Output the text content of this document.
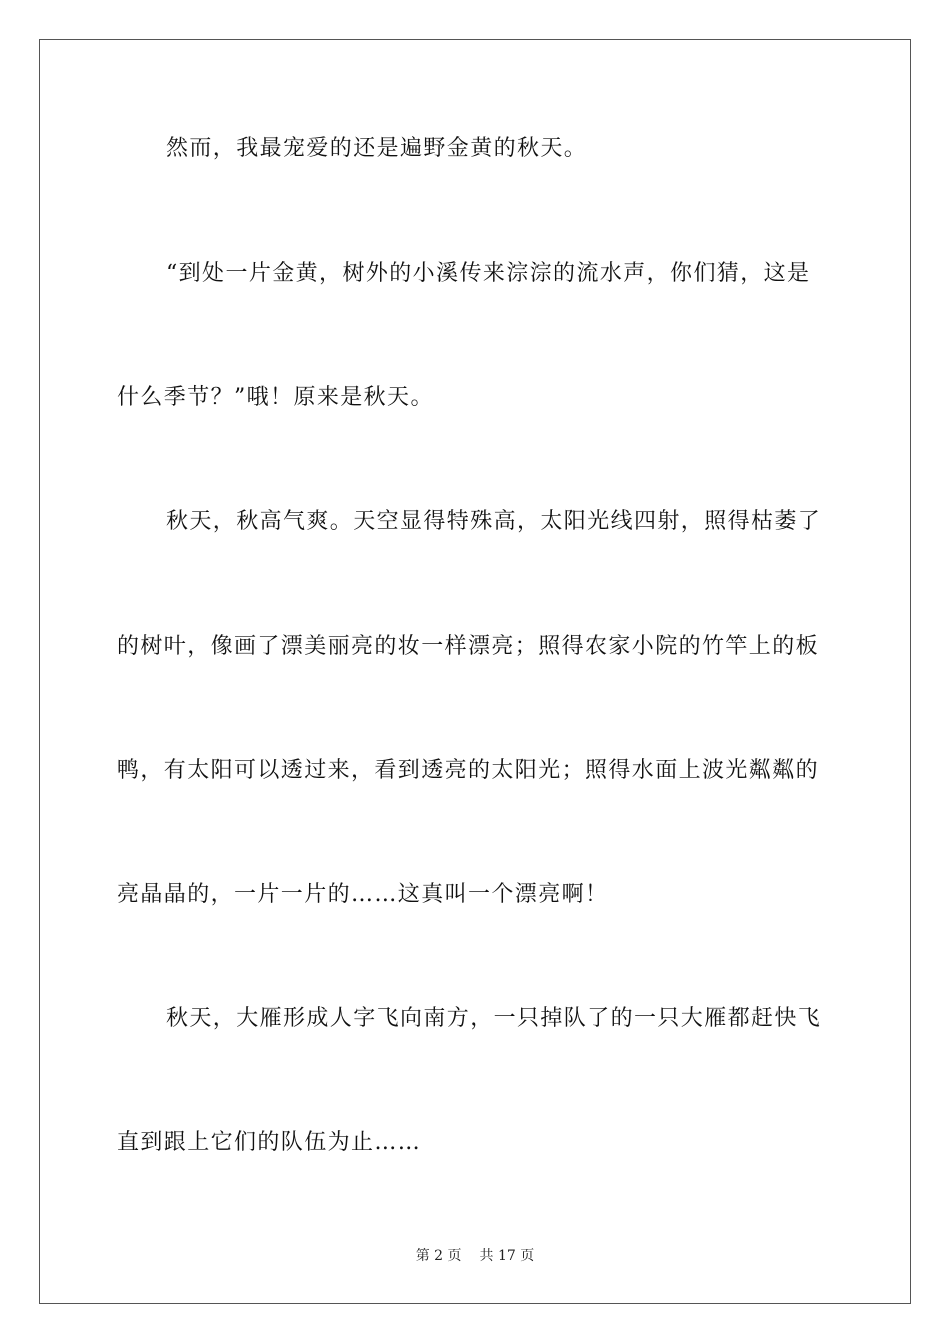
然而，我最宠爱的还是遍野金黄的秋天。
“到处一片金黄，树外的小溪传来淙淙的流水声，你们猜，这是
什么季节？”哦！原来是秋天。
秋天，秋高气爽。天空显得特殊高，太阳光线四射，照得枯萎了
的树叶，像画了漂美丽亮的妆一样漂亮；照得农家小院的竹竿上的板
鸭，有太阳可以透过来，看到透亮的太阳光；照得水面上波光粼粼的
亮晶晶的，一片一片的……这真叫一个漂亮啊！
秋天，大雁形成人字飞向南方，一只掉队了的一只大雁都赶快飞
直到跟上它们的队伍为止……
第 2 页 共 17 页
